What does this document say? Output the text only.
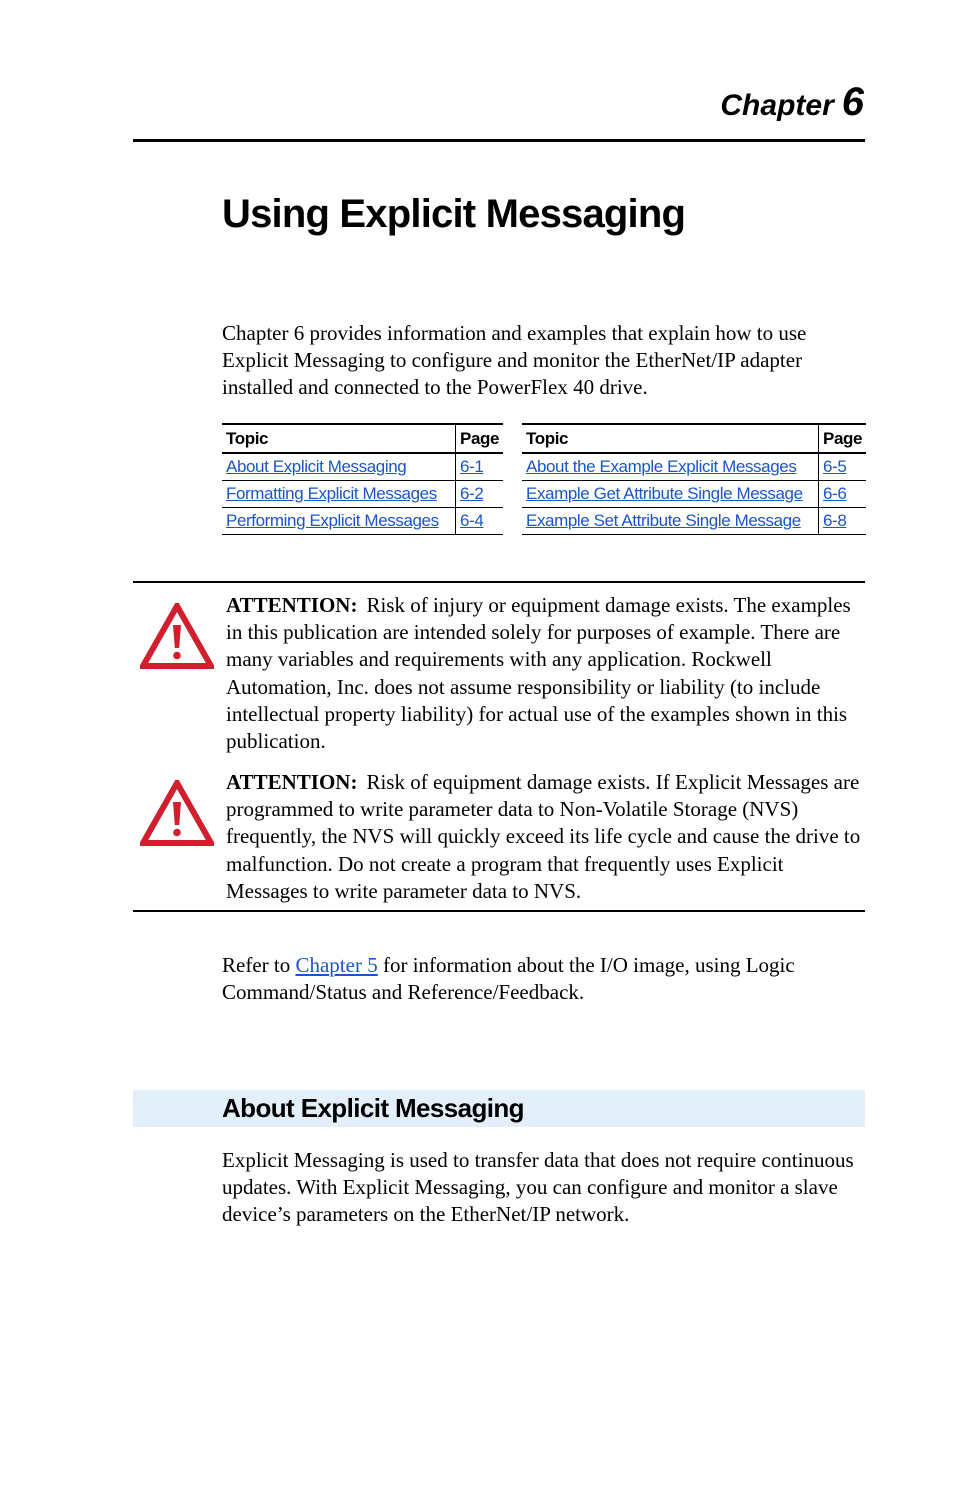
Chapter 6
Using Explicit Messaging

Chapter 6 provides information and examples that explain how to use Explicit Messaging to configure and monitor the EtherNet/IP adapter installed and connected to the PowerFlex 40 drive.

Topic	Page
About Explicit Messaging	6-1
Formatting Explicit Messages	6-2
Performing Explicit Messages	6-4
Topic	Page
About the Example Explicit Messages	6-5
Example Get Attribute Single Message	6-6
Example Set Attribute Single Message	6-8

ATTENTION: Risk of injury or equipment damage exists. The examples in this publication are intended solely for purposes of example. There are many variables and requirements with any application. Rockwell Automation, Inc. does not assume responsibility or liability (to include intellectual property liability) for actual use of the examples shown in this publication.

ATTENTION: Risk of equipment damage exists. If Explicit Messages are programmed to write parameter data to Non-Volatile Storage (NVS) frequently, the NVS will quickly exceed its life cycle and cause the drive to malfunction. Do not create a program that frequently uses Explicit Messages to write parameter data to NVS.

Refer to Chapter 5 for information about the I/O image, using Logic Command/Status and Reference/Feedback.

About Explicit Messaging

Explicit Messaging is used to transfer data that does not require continuous updates. With Explicit Messaging, you can configure and monitor a slave device’s parameters on the EtherNet/IP network.
